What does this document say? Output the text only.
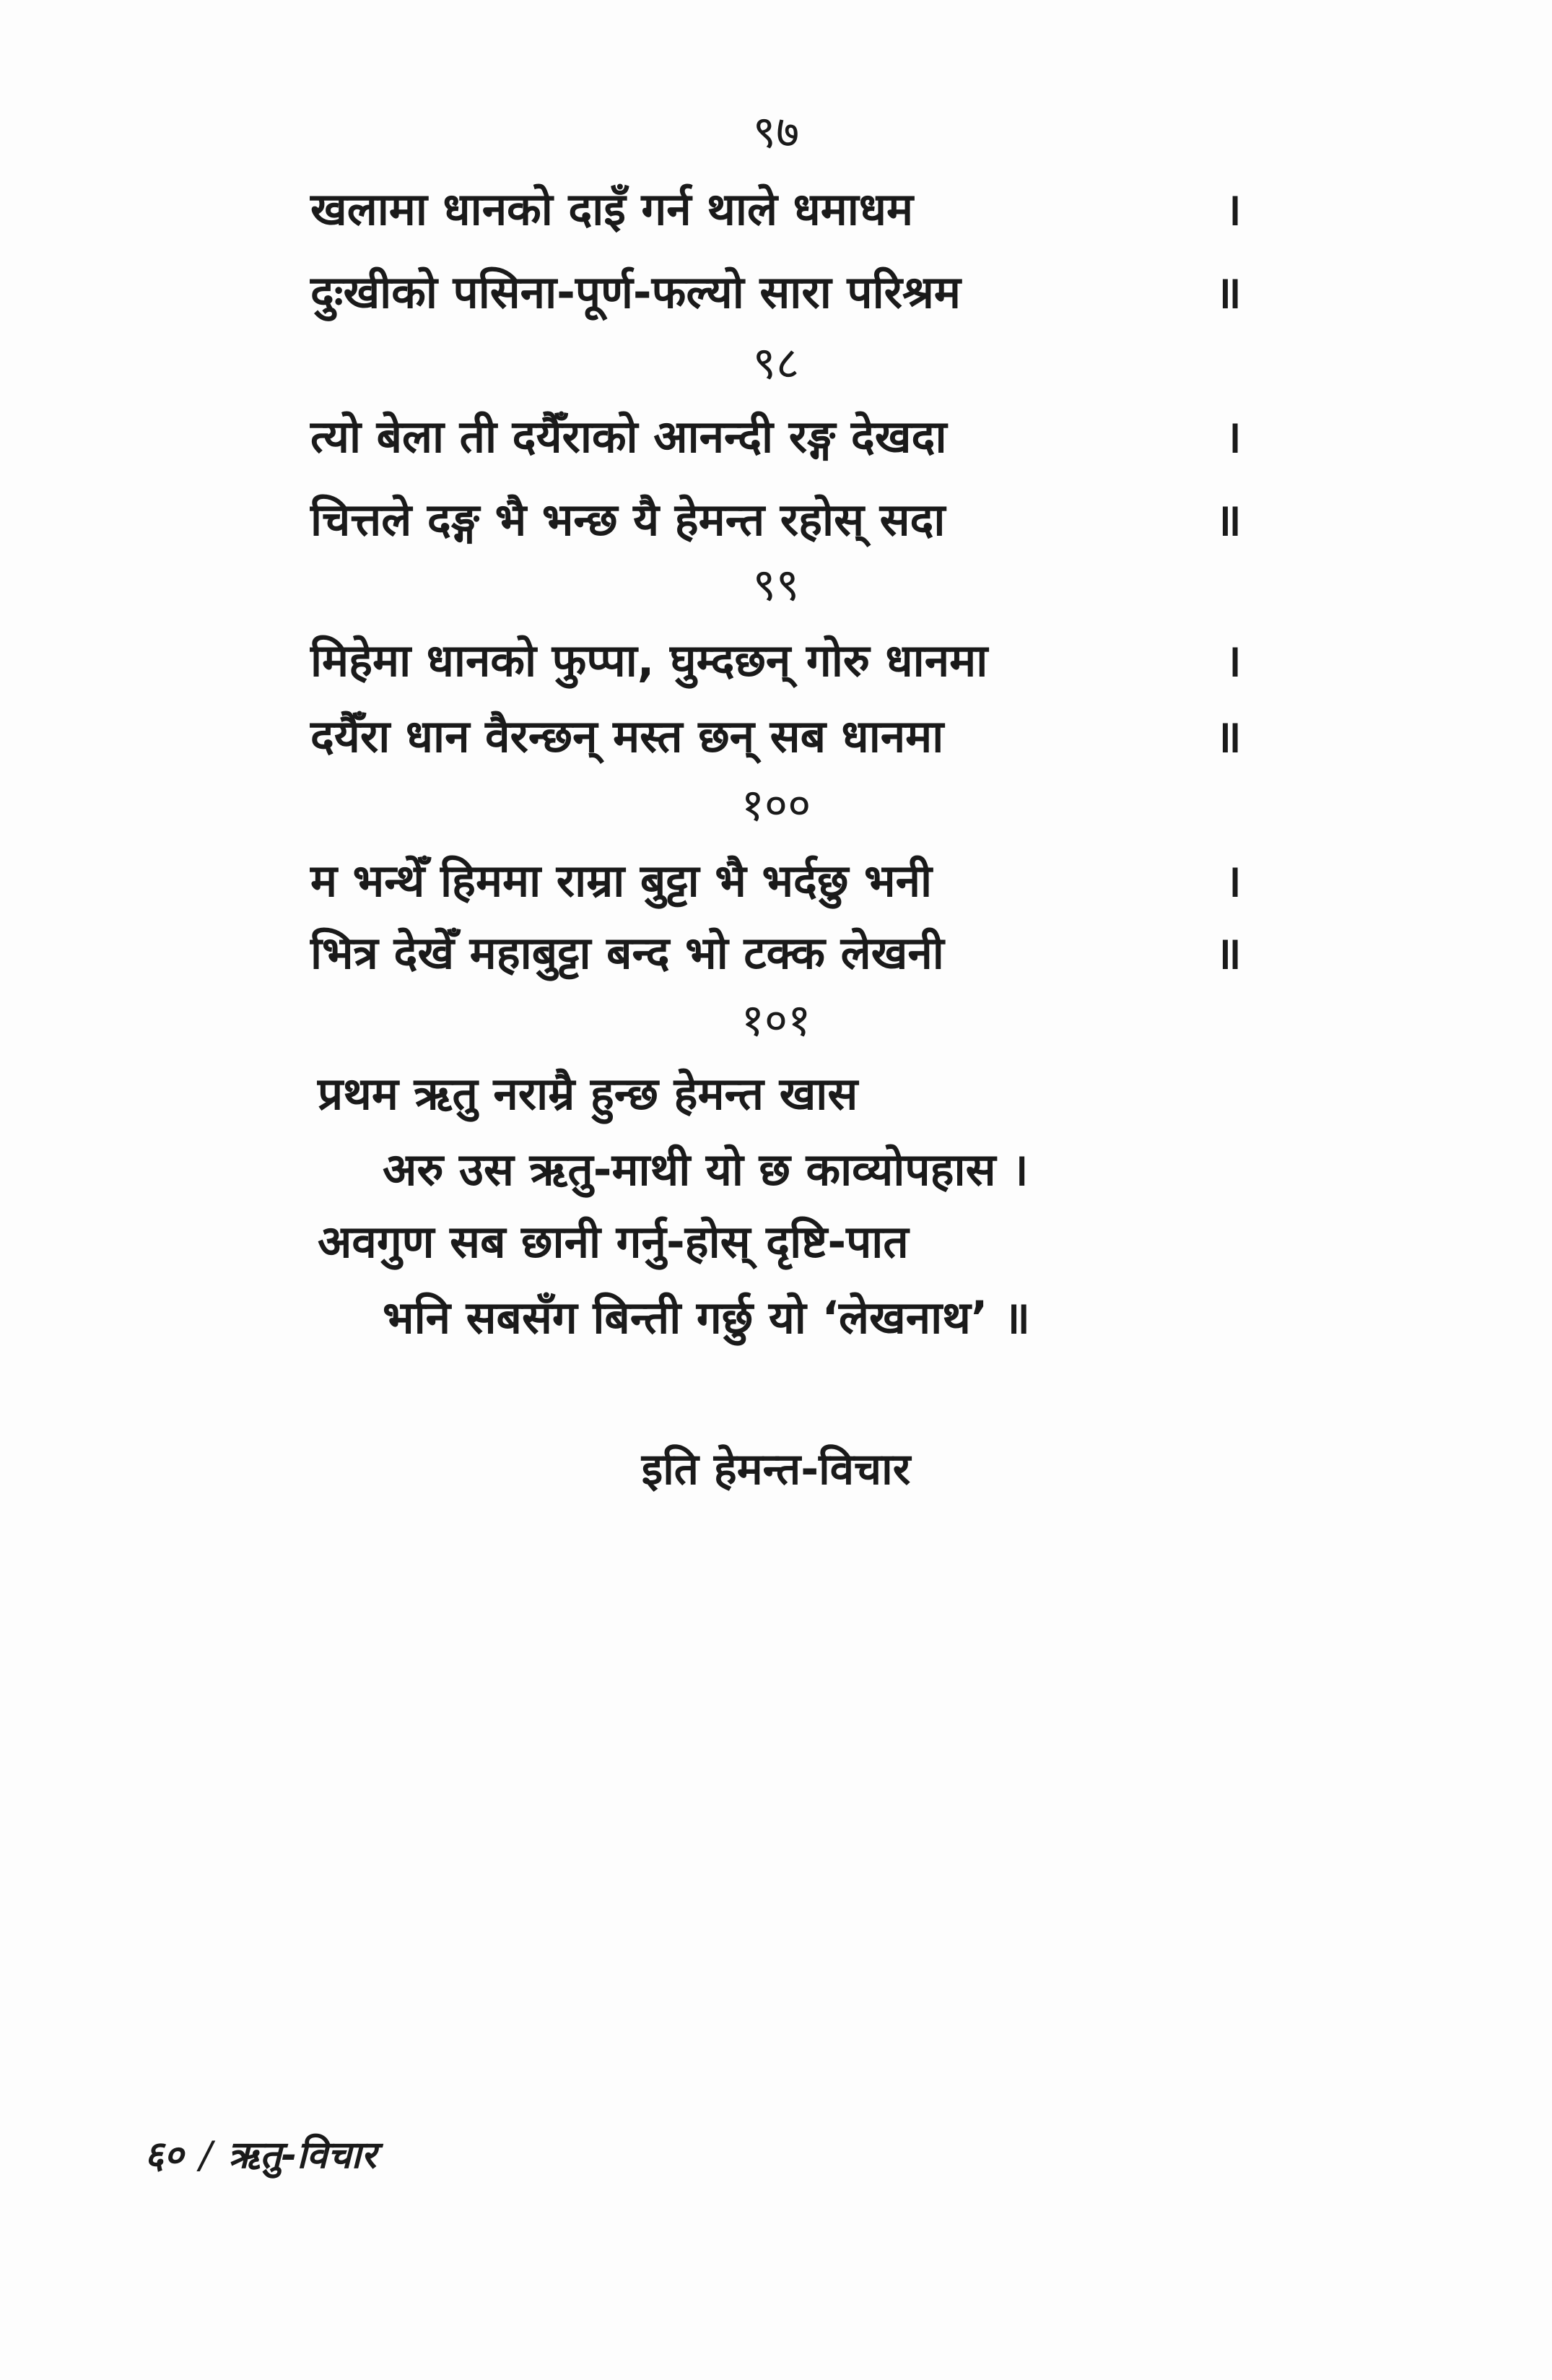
९७
खलामा धानको दाइँ गर्न थाले धमाधम	।
दुःखीको पसिना-पूर्ण-फल्यो सारा परिश्रम	॥
९८
त्यो बेला ती दयैँराको आनन्दी रङ्ग देखदा	।
चित्तले दङ्ग भै भन्छ यै हेमन्त रहोस् सदा	॥
९९
मिहेमा धानको फुप्पा, घुम्दछन् गोरु धानमा	।
दयैँरा धान वैरन्छन् मस्त छन् सब धानमा	॥
१००
म भन्थेँ हिममा राम्रा बुट्टा भै भर्दछु भनी	।
भित्र देखेँ महाबुट्टा बन्द भो टक्क लेखनी	॥
१०१
प्रथम ऋतु नराम्रै हुन्छ हेमन्त खास
अरु उस ऋतु-माथी यो छ काव्योपहास ।
अवगुण सब छानी गर्नु-होस् दृष्टि-पात
भनि सबसँग बिन्ती गर्छु यो ‘लेखनाथ’ ॥
इति हेमन्त-विचार
६० / ऋतु-विचार
